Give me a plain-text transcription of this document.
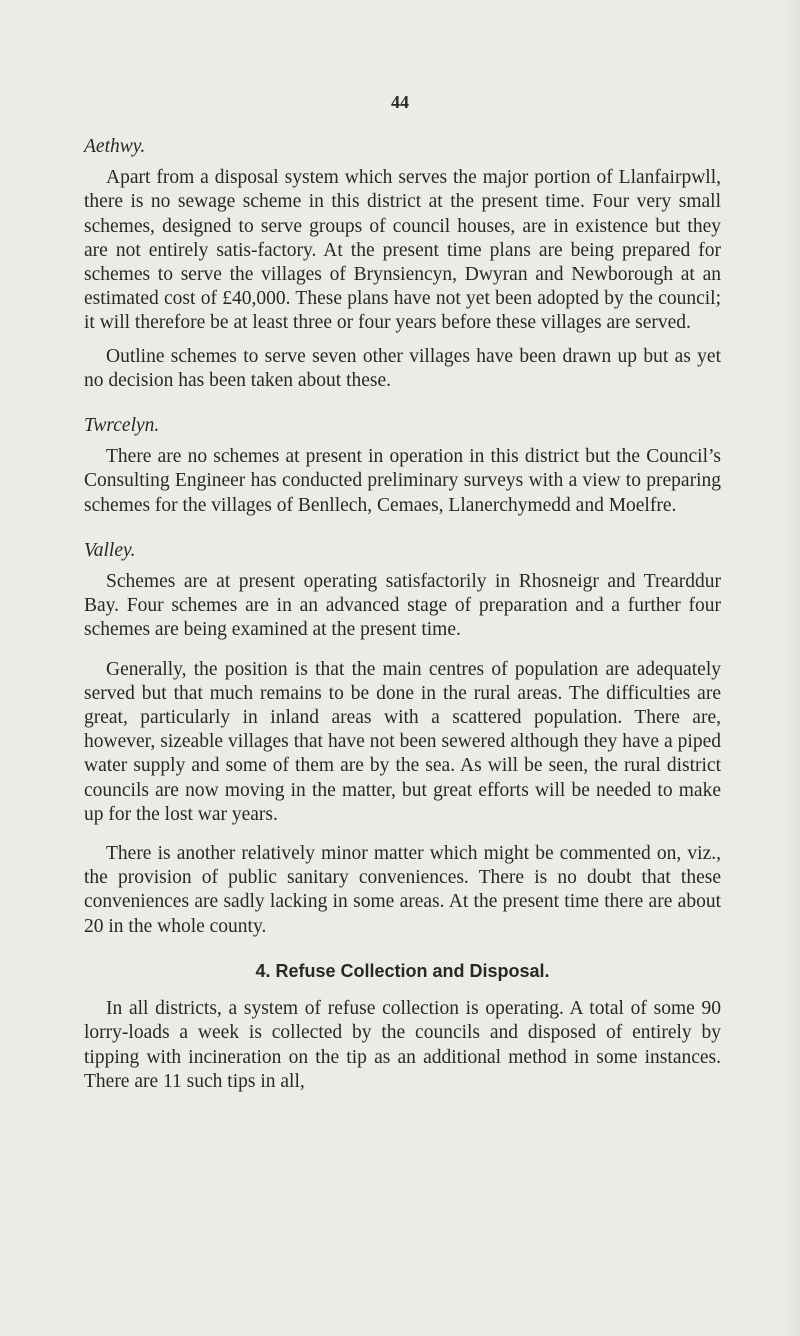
44
Aethwy.

Apart from a disposal system which serves the major portion of Llanfairpwll, there is no sewage scheme in this district at the present time. Four very small schemes, designed to serve groups of council houses, are in existence but they are not entirely satis-factory. At the present time plans are being prepared for schemes to serve the villages of Brynsiencyn, Dwyran and Newborough at an estimated cost of £40,000. These plans have not yet been adopted by the council; it will therefore be at least three or four years before these villages are served.

Outline schemes to serve seven other villages have been drawn up but as yet no decision has been taken about these.

Twrcelyn.

There are no schemes at present in operation in this district but the Council’s Consulting Engineer has conducted preliminary surveys with a view to preparing schemes for the villages of Benllech, Cemaes, Llanerchymedd and Moelfre.

Valley.

Schemes are at present operating satisfactorily in Rhosneigr and Trearddur Bay. Four schemes are in an advanced stage of preparation and a further four schemes are being examined at the present time.

Generally, the position is that the main centres of population are adequately served but that much remains to be done in the rural areas. The difficulties are great, particularly in inland areas with a scattered population. There are, however, sizeable villages that have not been sewered although they have a piped water supply and some of them are by the sea. As will be seen, the rural district councils are now moving in the matter, but great efforts will be needed to make up for the lost war years.

There is another relatively minor matter which might be commented on, viz., the provision of public sanitary conveniences. There is no doubt that these conveniences are sadly lacking in some areas. At the present time there are about 20 in the whole county.

4. Refuse Collection and Disposal.

In all districts, a system of refuse collection is operating. A total of some 90 lorry-loads a week is collected by the councils and disposed of entirely by tipping with incineration on the tip as an additional method in some instances. There are 11 such tips in all,
